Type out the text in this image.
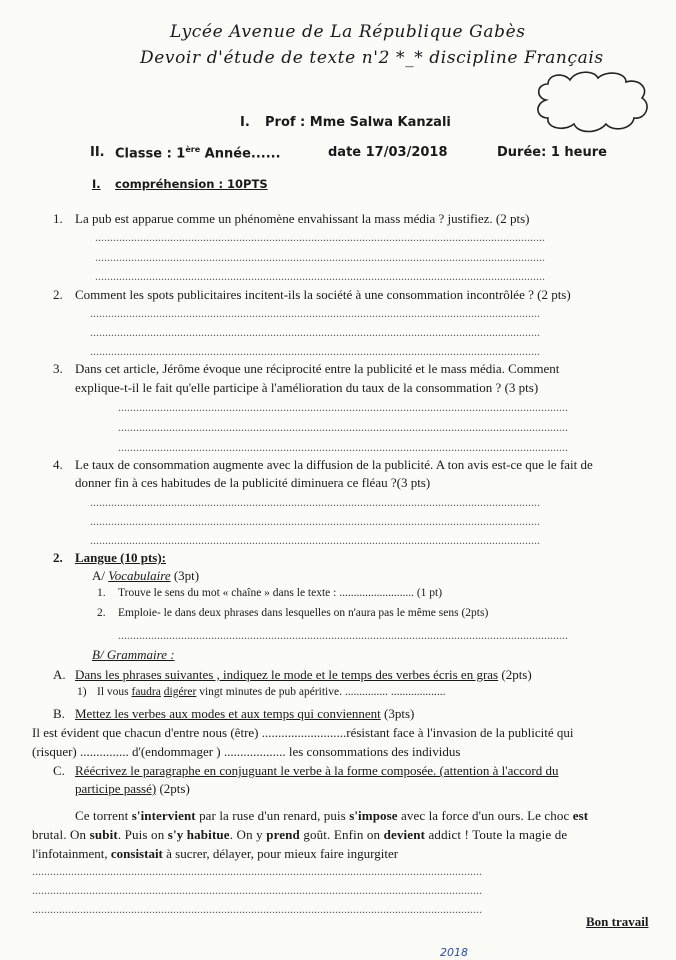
Lycée Avenue de La République Gabès
Devoir d'étude de texte n'2 *_* discipline Français
I. Prof : Mme Salwa Kanzali
II. Classe : 1ère Année......	date 17/03/2018	Durée: 1 heure
I. compréhension : 10PTS
1. La pub est apparue comme un phénomène envahissant la mass média ? justifiez. (2 pts)
......................................................................................................................................................
......................................................................................................................................................
......................................................................................................................................................
2. Comment les spots publicitaires incitent-ils la société à une consommation incontrôlée ? (2 pts)
......................................................................................................................................................
......................................................................................................................................................
......................................................................................................................................................
3. Dans cet article, Jérôme évoque une réciprocité entre la publicité et le mass média. Comment
explique-t-il le fait qu'elle participe à l'amélioration du taux de la consommation ? (3 pts)
......................................................................................................................................................
......................................................................................................................................................
......................................................................................................................................................
4. Le taux de consommation augmente avec la diffusion de la publicité. A ton avis est-ce que le fait de
donner fin à ces habitudes de la publicité diminuera ce fléau ?(3 pts)
......................................................................................................................................................
......................................................................................................................................................
......................................................................................................................................................
2. Langue (10 pts):
A/ Vocabulaire (3pt)
1. Trouve le sens du mot « chaîne » dans le texte : .......................... (1 pt)
2. Emploie- le dans deux phrases dans lesquelles on n'aura pas le même sens (2pts)
......................................................................................................................................................
B/ Grammaire :
A. Dans les phrases suivantes , indiquez le mode et le temps des verbes écris en gras (2pts)
1) Il vous faudra digérer vingt minutes de pub apéritive. ............... ...................
B. Mettez les verbes aux modes et aux temps qui conviennent (3pts)
Il est évident que chacun d'entre nous (être) ..........................résistant face à l'invasion de la publicité qui
(risquer) ............... d'(endommager ) ................... les consommations des individus
C. Réécrivez le paragraphe en conjuguant le verbe à la forme composée. (attention à l'accord du
participe passé) (2pts)
Ce torrent s'intervient par la ruse d'un renard, puis s'impose avec la force d'un ours. Le choc est
brutal. On subit. Puis on s'y habitue. On y prend goût. Enfin on devient addict ! Toute la magie de
l'infotainment, consistait à sucrer, délayer, pour mieux faire ingurgiter
......................................................................................................................................................
......................................................................................................................................................
......................................................................................................................................................
Bon travail
2018
